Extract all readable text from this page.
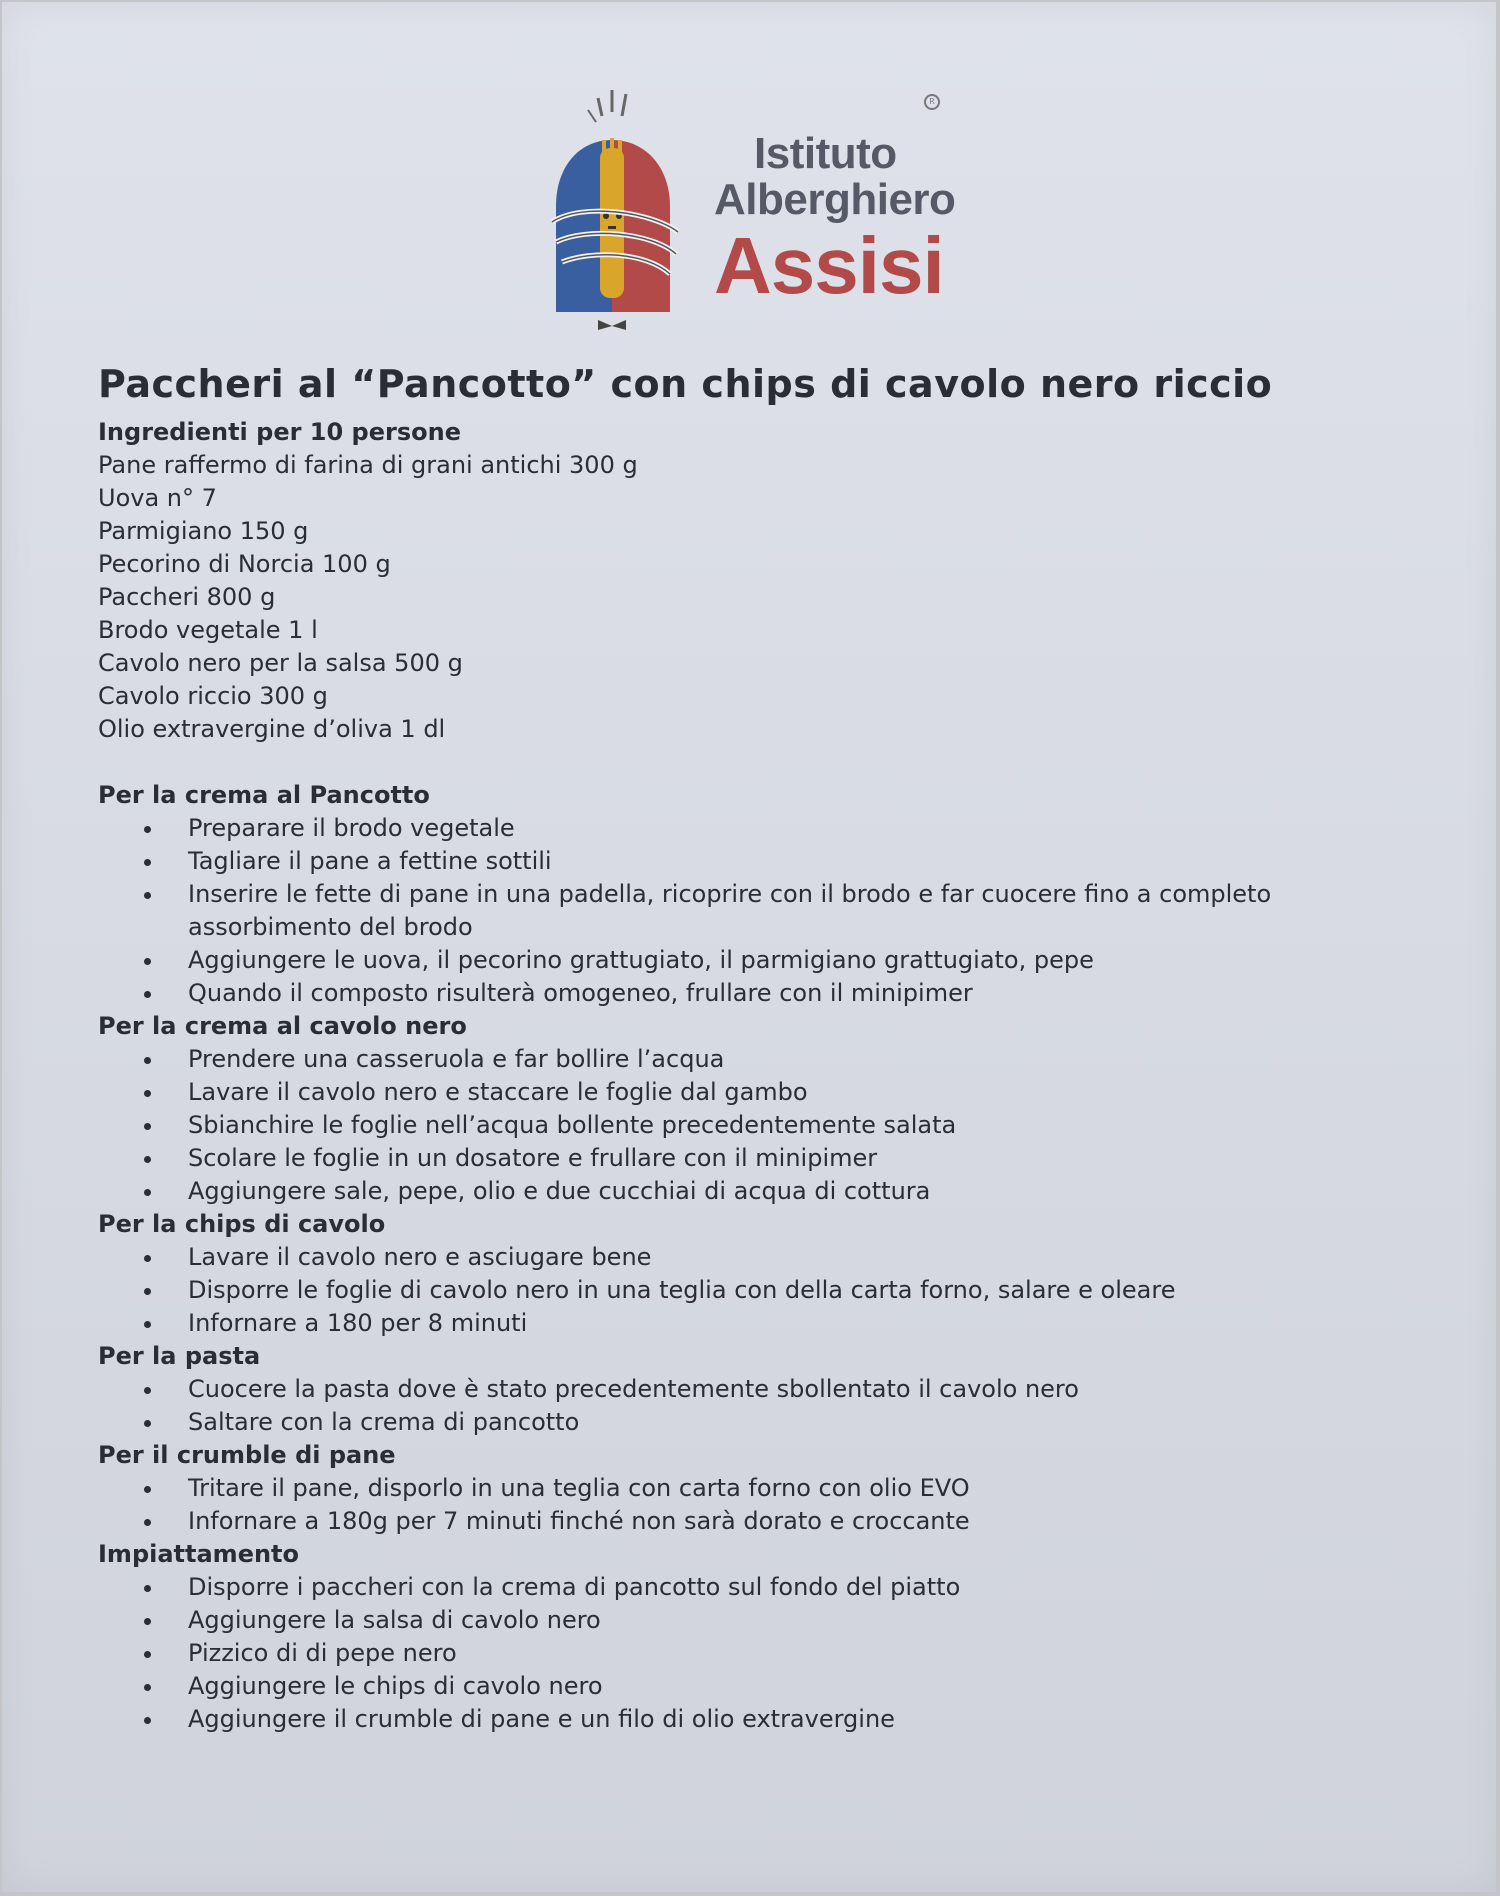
R
Istituto
Alberghiero
Assisi
Paccheri al “Pancotto” con chips di cavolo nero riccio
Ingredienti per 10 persone
Pane raffermo di farina di grani antichi 300 g
Uova n° 7
Parmigiano 150 g
Pecorino di Norcia 100 g
Paccheri 800 g
Brodo vegetale 1 l
Cavolo nero per la salsa 500 g
Cavolo riccio 300 g
Olio extravergine d’oliva 1 dl
Per la crema al Pancotto
Preparare il brodo vegetale
Tagliare il pane a fettine sottili
Inserire le fette di pane in una padella, ricoprire con il brodo e far cuocere fino a completo
assorbimento del brodo
Aggiungere le uova, il pecorino grattugiato, il parmigiano grattugiato, pepe
Quando il composto risulterà omogeneo, frullare con il minipimer
Per la crema al cavolo nero
Prendere una casseruola e far bollire l’acqua
Lavare il cavolo nero e staccare le foglie dal gambo
Sbianchire le foglie nell’acqua bollente precedentemente salata
Scolare le foglie in un dosatore e frullare con il minipimer
Aggiungere sale, pepe, olio e due cucchiai di acqua di cottura
Per la chips di cavolo
Lavare il cavolo nero e asciugare bene
Disporre le foglie di cavolo nero in una teglia con della carta forno, salare e oleare
Infornare a 180 per 8 minuti
Per la pasta
Cuocere la pasta dove è stato precedentemente sbollentato il cavolo nero
Saltare con la crema di pancotto
Per il crumble di pane
Tritare il pane, disporlo in una teglia con carta forno con olio EVO
Infornare a 180g per 7 minuti finché non sarà dorato e croccante
Impiattamento
Disporre i paccheri con la crema di pancotto sul fondo del piatto
Aggiungere la salsa di cavolo nero
Pizzico di di pepe nero
Aggiungere le chips di cavolo nero
Aggiungere il crumble di pane e un filo di olio extravergine
